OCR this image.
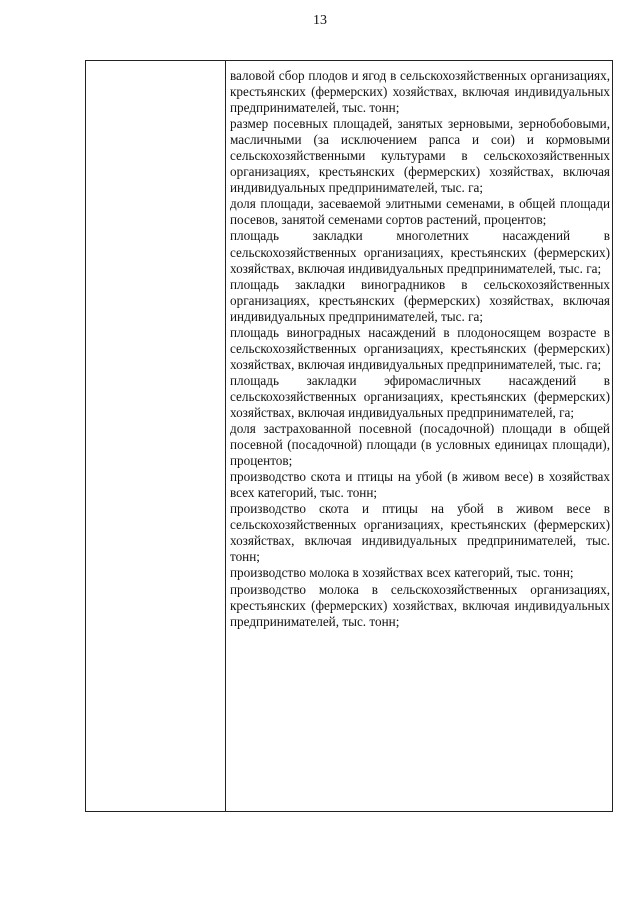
13

валовой сбор плодов и ягод в сельскохозяйственных организациях, крестьянских (фермерских) хозяйствах, включая индивидуальных предпринимателей, тыс. тонн;

размер посевных площадей, занятых зерновыми, зернобобовыми, масличными (за исключением рапса и сои) и кормовыми сельскохозяйственными культурами в сельскохозяйственных организациях, крестьянских (фермерских) хозяйствах, включая индивидуальных предпринимателей, тыс. га;

доля площади, засеваемой элитными семенами, в общей площади посевов, занятой семенами сортов растений, процентов;

площадь закладки многолетних насаждений в сельскохозяйственных организациях, крестьянских (фермерских) хозяйствах, включая индивидуальных предпринимателей, тыс. га;

площадь закладки виноградников в сельскохозяйственных организациях, крестьянских (фермерских) хозяйствах, включая индивидуальных предпринимателей, тыс. га;

площадь виноградных насаждений в плодоносящем возрасте в сельскохозяйственных организациях, крестьянских (фермерских) хозяйствах, включая индивидуальных предпринимателей, тыс. га;

площадь закладки эфиромасличных насаждений в сельскохозяйственных организациях, крестьянских (фермерских) хозяйствах, включая индивидуальных предпринимателей, га;

доля застрахованной посевной (посадочной) площади в общей посевной (посадочной) площади (в условных единицах площади), процентов;

производство скота и птицы на убой (в живом весе) в хозяйствах всех категорий, тыс. тонн;

производство скота и птицы на убой в живом весе в сельскохозяйственных организациях, крестьянских (фермерских) хозяйствах, включая индивидуальных предпринимателей, тыс. тонн;

производство молока в хозяйствах всех категорий, тыс. тонн;

производство молока в сельскохозяйственных организациях, крестьянских (фермерских) хозяйствах, включая индивидуальных предпринимателей, тыс. тонн;
